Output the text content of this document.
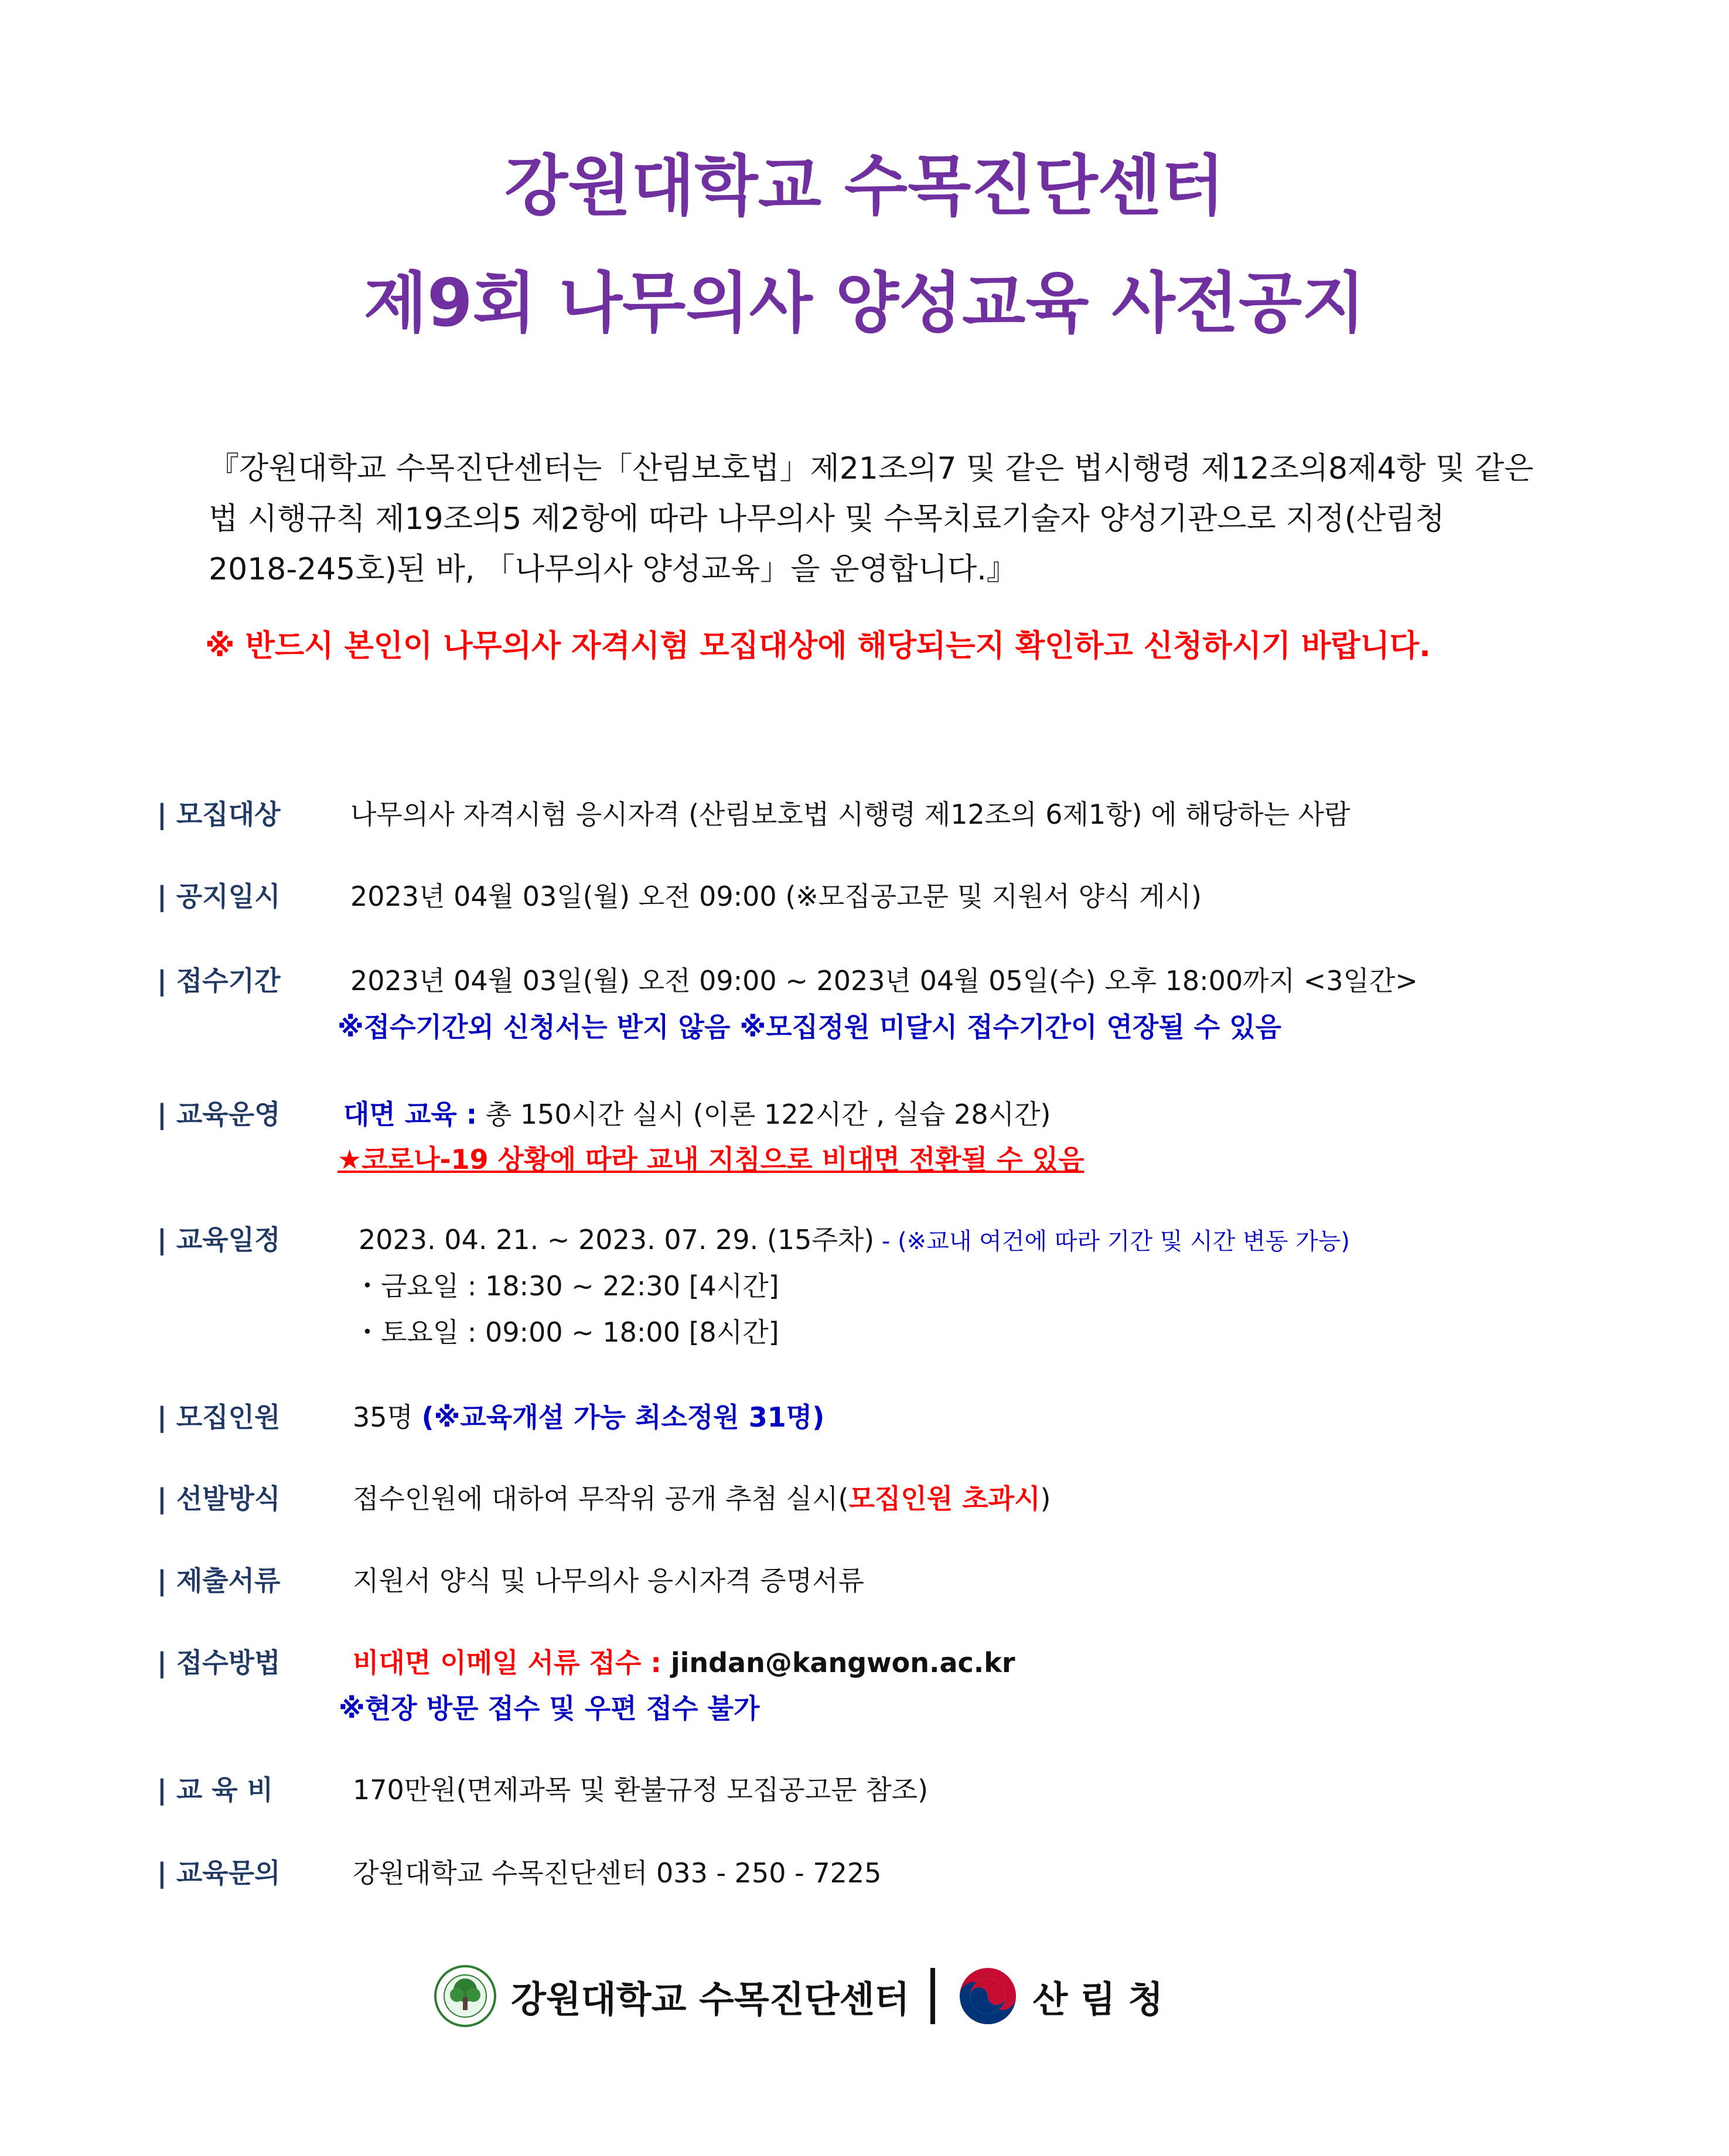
강원대학교 수목진단센터
제9회 나무의사 양성교육 사전공지
『강원대학교 수목진단센터는「산림보호법」제21조의7 및 같은 법시행령 제12조의8제4항 및 같은
법 시행규칙 제19조의5 제2항에 따라 나무의사 및 수목치료기술자 양성기관으로 지정(산림청
2018-245호)된 바, 「나무의사 양성교육」을 운영합니다.』
※ 반드시 본인이 나무의사 자격시험 모집대상에 해당되는지 확인하고 신청하시기 바랍니다.
| 모집대상	나무의사 자격시험 응시자격 (산림보호법 시행령 제12조의 6제1항) 에 해당하는 사람
| 공지일시	2023년 04월 03일(월) 오전 09:00 (※모집공고문 및 지원서 양식 게시)
| 접수기간	2023년 04월 03일(월) 오전 09:00 ~ 2023년 04월 05일(수) 오후 18:00까지 <3일간>
※접수기간외 신청서는 받지 않음 ※모집정원 미달시 접수기간이 연장될 수 있음
| 교육운영 대면 교육 : 총 150시간 실시 (이론 122시간 , 실습 28시간)
★코로나-19 상황에 따라 교내 지침으로 비대면 전환될 수 있음
| 교육일정	2023. 04. 21. ~ 2023. 07. 29. (15주차) - (※교내 여건에 따라 기간 및 시간 변동 가능)
・금요일 : 18:30 ~ 22:30 [4시간]
・토요일 : 09:00 ~ 18:00 [8시간]
| 모집인원	35명 (※교육개설 가능 최소정원 31명)
| 선발방식	접수인원에 대하여 무작위 공개 추첨 실시(모집인원 초과시)
| 제출서류	지원서 양식 및 나무의사 응시자격 증명서류
| 접수방법	비대면 이메일 서류 접수 : jindan@kangwon.ac.kr
※현장 방문 접수 및 우편 접수 불가
| 교 육 비	170만원(면제과목 및 환불규정 모집공고문 참조)
| 교육문의	강원대학교 수목진단센터 033 - 250 - 7225
강원대학교 수목진단센터	산 림 청
